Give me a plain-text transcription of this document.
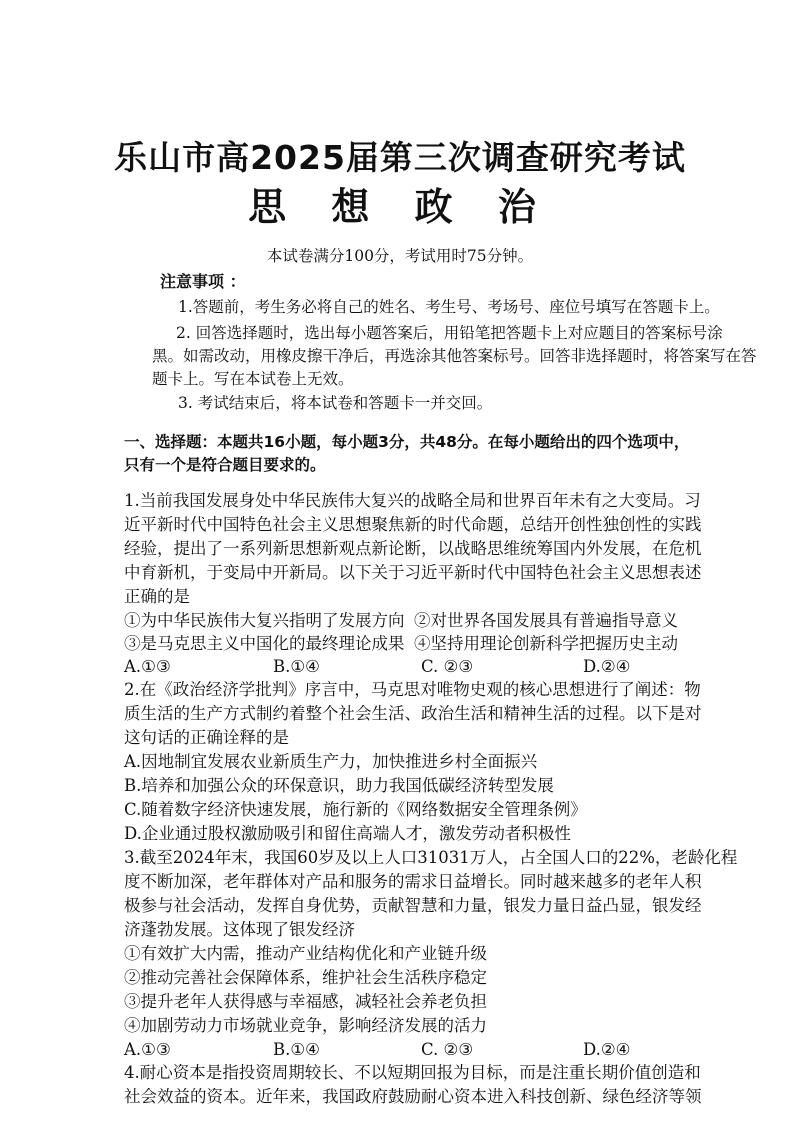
乐山市高2025届第三次调查研究考试
思 想 政 治
本试卷满分100分，考试用时75分钟。
注意事项 ：
1.答题前，考生务必将自己的姓名、考生号、考场号、座位号填写在答题卡上。
2. 回答选择题时，选出每小题答案后，用铅笔把答题卡上对应题目的答案标号涂
黑。如需改动，用橡皮擦干净后，再选涂其他答案标号。回答非选择题时，将答案写在答
题卡上。写在本试卷上无效。
3. 考试结束后，将本试卷和答题卡一并交回。
一、选择题：本题共16小题，每小题3分，共48分。在每小题给出的四个选项中，
只有一个是符合题目要求的。
1.当前我国发展身处中华民族伟大复兴的战略全局和世界百年未有之大变局。习
近平新时代中国特色社会主义思想聚焦新的时代命题，总结开创性独创性的实践
经验，提出了一系列新思想新观点新论断，以战略思维统筹国内外发展，在危机
中育新机，于变局中开新局。以下关于习近平新时代中国特色社会主义思想表述
正确的是
①为中华民族伟大复兴指明了发展方向 ②对世界各国发展具有普遍指导意义
③是马克思主义中国化的最终理论成果 ④坚持用理论创新科学把握历史主动
A.①③	B.①④	C. ②③	D.②④
2.在《政治经济学批判》序言中，马克思对唯物史观的核心思想进行了阐述：物
质生活的生产方式制约着整个社会生活、政治生活和精神生活的过程。以下是对
这句话的正确诠释的是
A.因地制宜发展农业新质生产力，加快推进乡村全面振兴
B.培养和加强公众的环保意识，助力我国低碳经济转型发展
C.随着数字经济快速发展，施行新的《网络数据安全管理条例》
D.企业通过股权激励吸引和留住高端人才，激发劳动者积极性
3.截至2024年末，我国60岁及以上人口31031万人，占全国人口的22%，老龄化程
度不断加深，老年群体对产品和服务的需求日益增长。同时越来越多的老年人积
极参与社会活动，发挥自身优势，贡献智慧和力量，银发力量日益凸显，银发经
济蓬勃发展。这体现了银发经济
①有效扩大内需，推动产业结构优化和产业链升级
②推动完善社会保障体系，维护社会生活秩序稳定
③提升老年人获得感与幸福感，减轻社会养老负担
④加剧劳动力市场就业竞争，影响经济发展的活力
A.①③	B.①④	C. ②③	D.②④
4.耐心资本是指投资周期较长、不以短期回报为目标，而是注重长期价值创造和
社会效益的资本。近年来，我国政府鼓励耐心资本进入科技创新、绿色经济等领
